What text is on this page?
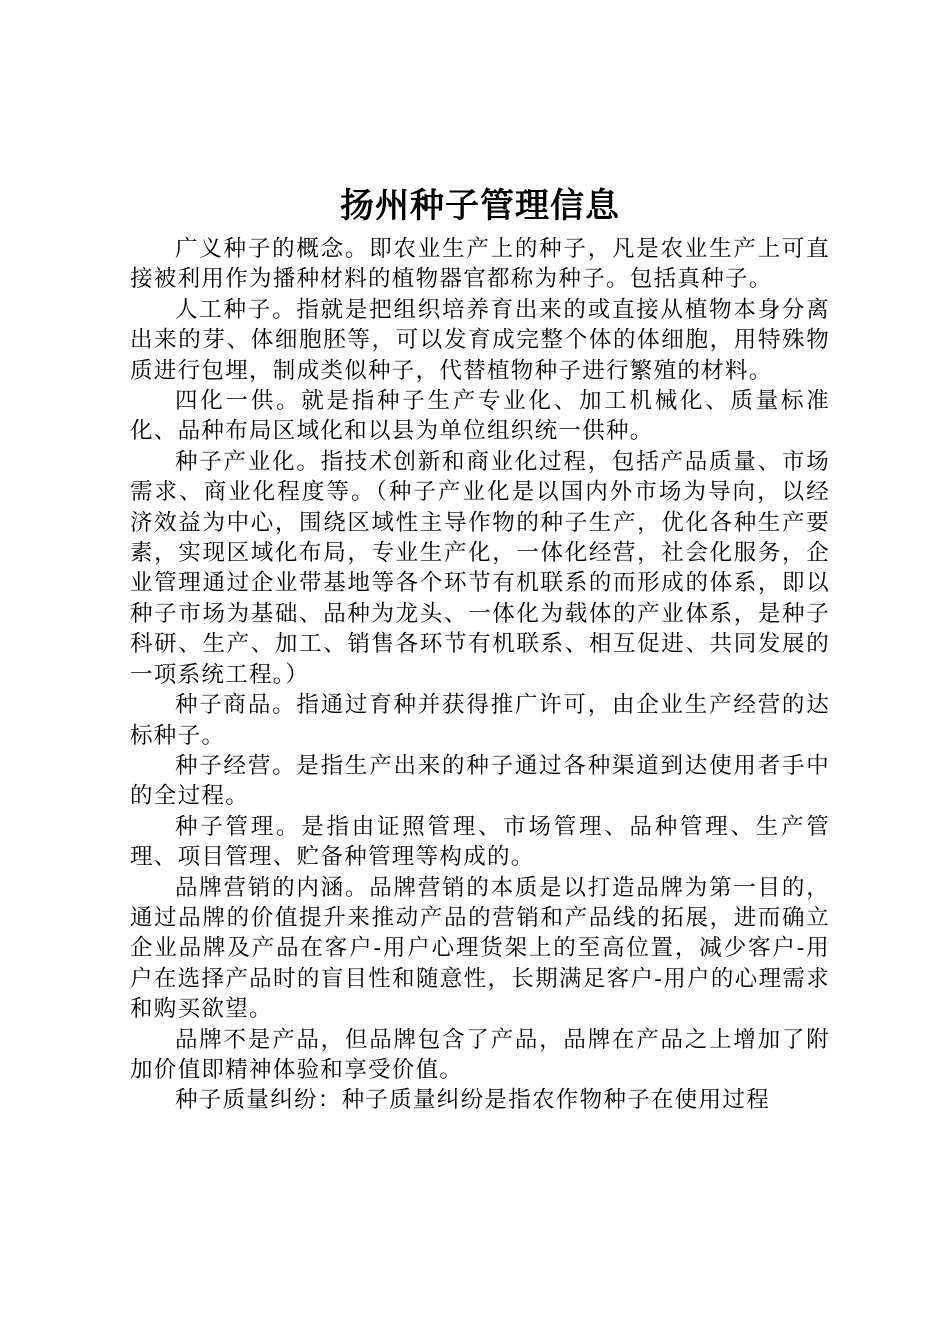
扬州种子管理信息

广义种子的概念。即农业生产上的种子，凡是农业生产上可直接被利用作为播种材料的植物器官都称为种子。包括真种子。

人工种子。指就是把组织培养育出来的或直接从植物本身分离出来的芽、体细胞胚等，可以发育成完整个体的体细胞，用特殊物质进行包埋，制成类似种子，代替植物种子进行繁殖的材料。

四化一供。就是指种子生产专业化、加工机械化、质量标准化、品种布局区域化和以县为单位组织统一供种。

种子产业化。指技术创新和商业化过程，包括产品质量、市场需求、商业化程度等。（种子产业化是以国内外市场为导向，以经济效益为中心，围绕区域性主导作物的种子生产，优化各种生产要素，实现区域化布局，专业生产化，一体化经营，社会化服务，企业管理通过企业带基地等各个环节有机联系的而形成的体系，即以种子市场为基础、品种为龙头、一体化为载体的产业体系，是种子科研、生产、加工、销售各环节有机联系、相互促进、共同发展的一项系统工程。）

种子商品。指通过育种并获得推广许可，由企业生产经营的达标种子。

种子经营。是指生产出来的种子通过各种渠道到达使用者手中的全过程。

种子管理。是指由证照管理、市场管理、品种管理、生产管理、项目管理、贮备种管理等构成的。

品牌营销的内涵。品牌营销的本质是以打造品牌为第一目的，通过品牌的价值提升来推动产品的营销和产品线的拓展，进而确立企业品牌及产品在客户-用户心理货架上的至高位置，减少客户-用户在选择产品时的盲目性和随意性，长期满足客户-用户的心理需求和购买欲望。

品牌不是产品，但品牌包含了产品，品牌在产品之上增加了附加价值即精神体验和享受价值。

种子质量纠纷：种子质量纠纷是指农作物种子在使用过程
